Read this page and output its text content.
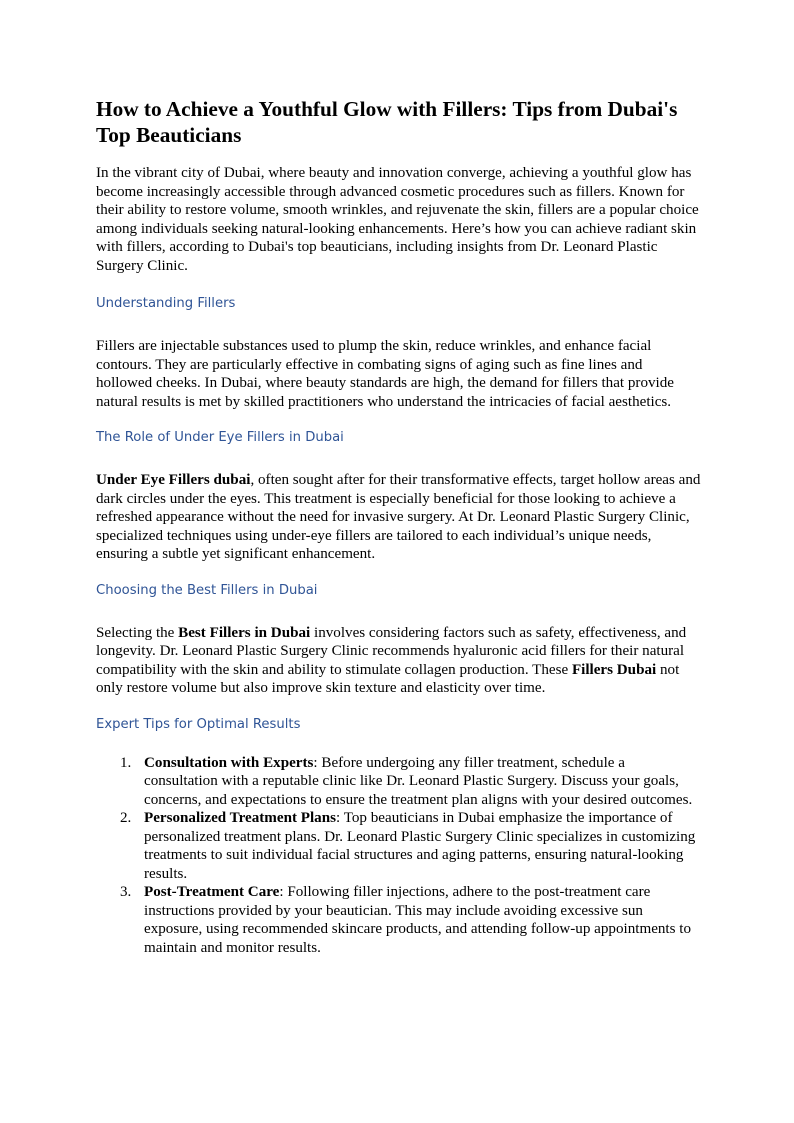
How to Achieve a Youthful Glow with Fillers: Tips from Dubai's Top Beauticians

In the vibrant city of Dubai, where beauty and innovation converge, achieving a youthful glow has become increasingly accessible through advanced cosmetic procedures such as fillers. Known for their ability to restore volume, smooth wrinkles, and rejuvenate the skin, fillers are a popular choice among individuals seeking natural-looking enhancements. Here’s how you can achieve radiant skin with fillers, according to Dubai's top beauticians, including insights from Dr. Leonard Plastic Surgery Clinic.

Understanding Fillers

Fillers are injectable substances used to plump the skin, reduce wrinkles, and enhance facial contours. They are particularly effective in combating signs of aging such as fine lines and hollowed cheeks. In Dubai, where beauty standards are high, the demand for fillers that provide natural results is met by skilled practitioners who understand the intricacies of facial aesthetics.

The Role of Under Eye Fillers in Dubai

Under Eye Fillers dubai, often sought after for their transformative effects, target hollow areas and dark circles under the eyes. This treatment is especially beneficial for those looking to achieve a refreshed appearance without the need for invasive surgery. At Dr. Leonard Plastic Surgery Clinic, specialized techniques using under-eye fillers are tailored to each individual’s unique needs, ensuring a subtle yet significant enhancement.

Choosing the Best Fillers in Dubai

Selecting the Best Fillers in Dubai involves considering factors such as safety, effectiveness, and longevity. Dr. Leonard Plastic Surgery Clinic recommends hyaluronic acid fillers for their natural compatibility with the skin and ability to stimulate collagen production. These Fillers Dubai not only restore volume but also improve skin texture and elasticity over time.

Expert Tips for Optimal Results
1. Consultation with Experts: Before undergoing any filler treatment, schedule a consultation with a reputable clinic like Dr. Leonard Plastic Surgery. Discuss your goals, concerns, and expectations to ensure the treatment plan aligns with your desired outcomes.
2. Personalized Treatment Plans: Top beauticians in Dubai emphasize the importance of personalized treatment plans. Dr. Leonard Plastic Surgery Clinic specializes in customizing treatments to suit individual facial structures and aging patterns, ensuring natural-looking results.
3. Post-Treatment Care: Following filler injections, adhere to the post-treatment care instructions provided by your beautician. This may include avoiding excessive sun exposure, using recommended skincare products, and attending follow-up appointments to maintain and monitor results.
